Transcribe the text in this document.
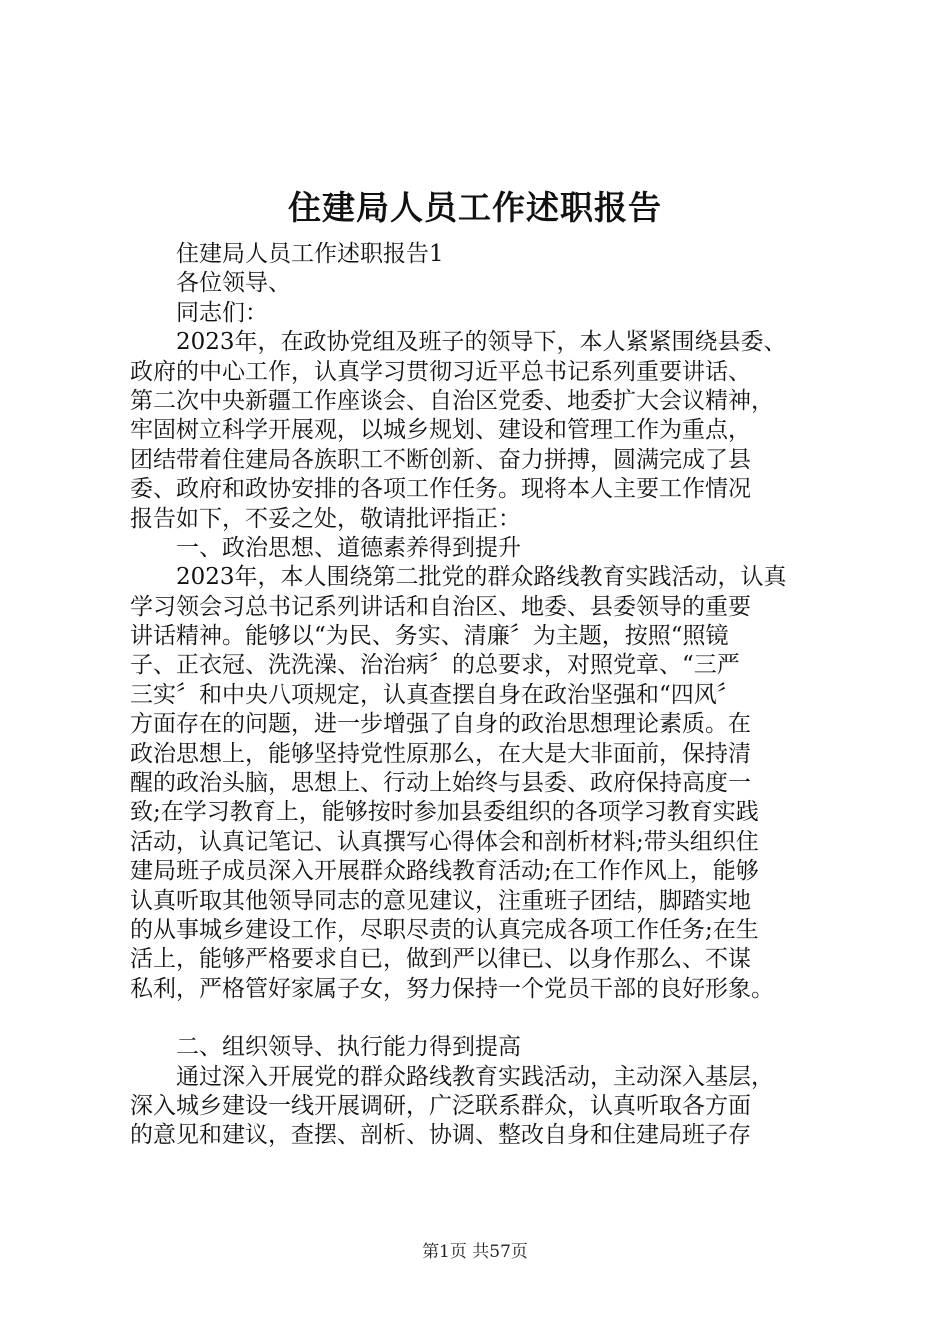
住建局人员工作述职报告
住建局人员工作述职报告1
各位领导、
同志们：
2023年，在政协党组及班子的领导下，本人紧紧围绕县委、
政府的中心工作，认真学习贯彻习近平总书记系列重要讲话、
第二次中央新疆工作座谈会、自治区党委、地委扩大会议精神，
牢固树立科学开展观，以城乡规划、建设和管理工作为重点，
团结带着住建局各族职工不断创新、奋力拼搏，圆满完成了县
委、政府和政协安排的各项工作任务。现将本人主要工作情况
报告如下，不妥之处，敬请批评指正：
一、政治思想、道德素养得到提升
2023年，本人围绕第二批党的群众路线教育实践活动，认真
学习领会习总书记系列讲话和自治区、地委、县委领导的重要
讲话精神。能够以“为民、务实、清廉〞为主题，按照“照镜
子、正衣冠、洗洗澡、治治病〞的总要求，对照党章、“三严
三实〞和中央八项规定，认真查摆自身在政治坚强和“四风〞
方面存在的问题，进一步增强了自身的政治思想理论素质。在
政治思想上，能够坚持党性原那么，在大是大非面前，保持清
醒的政治头脑，思想上、行动上始终与县委、政府保持高度一
致;在学习教育上，能够按时参加县委组织的各项学习教育实践
活动，认真记笔记、认真撰写心得体会和剖析材料;带头组织住
建局班子成员深入开展群众路线教育活动;在工作作风上，能够
认真听取其他领导同志的意见建议，注重班子团结，脚踏实地
的从事城乡建设工作，尽职尽责的认真完成各项工作任务;在生
活上，能够严格要求自已，做到严以律已、以身作那么、不谋
私利，严格管好家属子女，努力保持一个党员干部的良好形象。
二、组织领导、执行能力得到提高
通过深入开展党的群众路线教育实践活动，主动深入基层，
深入城乡建设一线开展调研，广泛联系群众，认真听取各方面
的意见和建议，查摆、剖析、协调、整改自身和住建局班子存
第1页 共57页
